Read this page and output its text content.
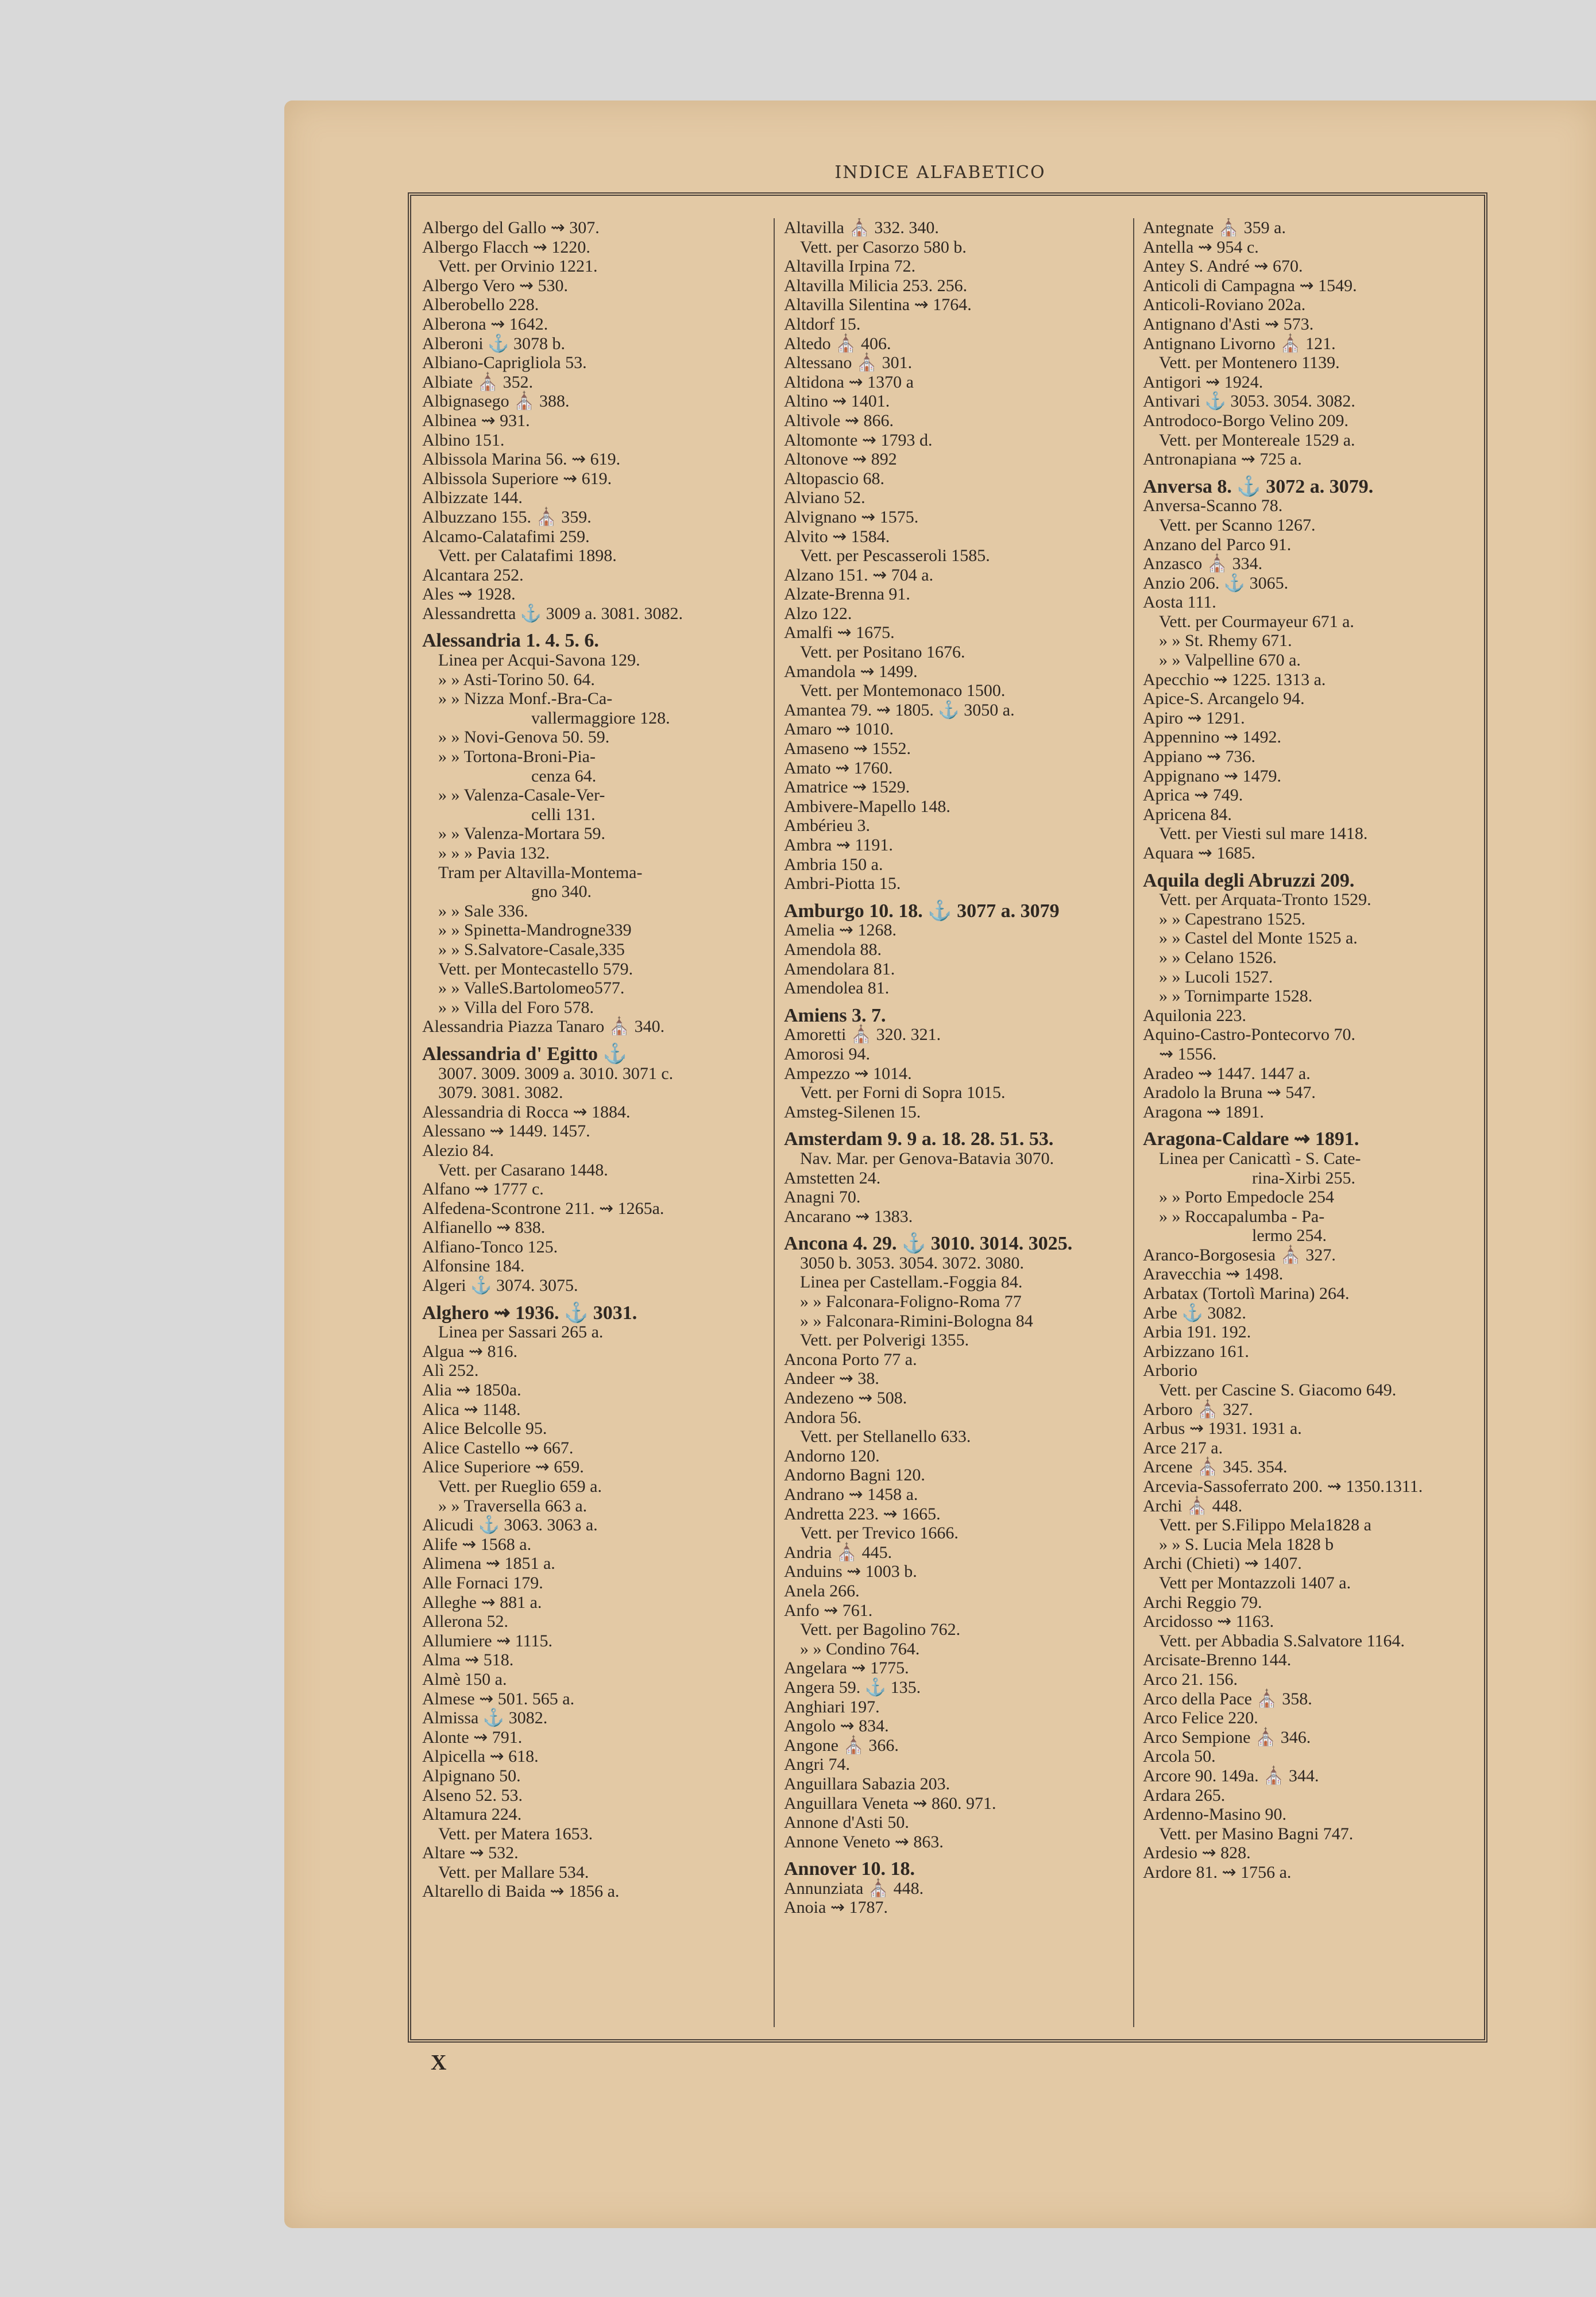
INDICE ALFABETICO
Albergo del Gallo ⇝ 307.
Albergo Flacch ⇝ 1220.
Vett. per Orvinio 1221.
Albergo Vero ⇝ 530.
Alberobello 228.
Alberona ⇝ 1642.
Alberoni ⚓ 3078 b.
Albiano-Caprigliola 53.
Albiate ⛪ 352.
Albignasego ⛪ 388.
Albinea ⇝ 931.
Albino 151.
Albissola Marina 56. ⇝ 619.
Albissola Superiore ⇝ 619.
Albizzate 144.
Albuzzano 155. ⛪ 359.
Alcamo-Calatafimi 259.
Vett. per Calatafimi 1898.
Alcantara 252.
Ales ⇝ 1928.
Alessandretta ⚓ 3009 a. 3081. 3082.
Alessandria 1. 4. 5. 6.
Linea per Acqui-Savona 129.
» » Asti-Torino 50. 64.
» » Nizza Monf.-Bra-Ca-
vallermaggiore 128.
» » Novi-Genova 50. 59.
» » Tortona-Broni-Pia-
cenza 64.
» » Valenza-Casale-Ver-
celli 131.
» » Valenza-Mortara 59.
» » » Pavia 132.
Tram per Altavilla-Montema-
gno 340.
» » Sale 336.
» » Spinetta-Mandrogne339
» » S.Salvatore-Casale,335
Vett. per Montecastello 579.
» » ValleS.Bartolomeo577.
» » Villa del Foro 578.
Alessandria Piazza Tanaro ⛪ 340.
Alessandria d' Egitto ⚓
3007. 3009. 3009 a. 3010. 3071 c.
3079. 3081. 3082.
Alessandria di Rocca ⇝ 1884.
Alessano ⇝ 1449. 1457.
Alezio 84.
Vett. per Casarano 1448.
Alfano ⇝ 1777 c.
Alfedena-Scontrone 211. ⇝ 1265a.
Alfianello ⇝ 838.
Alfiano-Tonco 125.
Alfonsine 184.
Algeri ⚓ 3074. 3075.
Alghero ⇝ 1936. ⚓ 3031.
Linea per Sassari 265 a.
Algua ⇝ 816.
Alì 252.
Alia ⇝ 1850a.
Alica ⇝ 1148.
Alice Belcolle 95.
Alice Castello ⇝ 667.
Alice Superiore ⇝ 659.
Vett. per Rueglio 659 a.
» » Traversella 663 a.
Alicudi ⚓ 3063. 3063 a.
Alife ⇝ 1568 a.
Alimena ⇝ 1851 a.
Alle Fornaci 179.
Alleghe ⇝ 881 a.
Allerona 52.
Allumiere ⇝ 1115.
Alma ⇝ 518.
Almè 150 a.
Almese ⇝ 501. 565 a.
Almissa ⚓ 3082.
Alonte ⇝ 791.
Alpicella ⇝ 618.
Alpignano 50.
Alseno 52. 53.
Altamura 224.
Vett. per Matera 1653.
Altare ⇝ 532.
Vett. per Mallare 534.
Altarello di Baida ⇝ 1856 a.
Altavilla ⛪ 332. 340.
Vett. per Casorzo 580 b.
Altavilla Irpina 72.
Altavilla Milicia 253. 256.
Altavilla Silentina ⇝ 1764.
Altdorf 15.
Altedo ⛪ 406.
Altessano ⛪ 301.
Altidona ⇝ 1370 a
Altino ⇝ 1401.
Altivole ⇝ 866.
Altomonte ⇝ 1793 d.
Altonove ⇝ 892
Altopascio 68.
Alviano 52.
Alvignano ⇝ 1575.
Alvito ⇝ 1584.
Vett. per Pescasseroli 1585.
Alzano 151. ⇝ 704 a.
Alzate-Brenna 91.
Alzo 122.
Amalfi ⇝ 1675.
Vett. per Positano 1676.
Amandola ⇝ 1499.
Vett. per Montemonaco 1500.
Amantea 79. ⇝ 1805. ⚓ 3050 a.
Amaro ⇝ 1010.
Amaseno ⇝ 1552.
Amato ⇝ 1760.
Amatrice ⇝ 1529.
Ambivere-Mapello 148.
Ambérieu 3.
Ambra ⇝ 1191.
Ambria 150 a.
Ambri-Piotta 15.
Amburgo 10. 18. ⚓ 3077 a. 3079
Amelia ⇝ 1268.
Amendola 88.
Amendolara 81.
Amendolea 81.
Amiens 3. 7.
Amoretti ⛪ 320. 321.
Amorosi 94.
Ampezzo ⇝ 1014.
Vett. per Forni di Sopra 1015.
Amsteg-Silenen 15.
Amsterdam 9. 9 a. 18. 28. 51. 53.
Nav. Mar. per Genova-Batavia 3070.
Amstetten 24.
Anagni 70.
Ancarano ⇝ 1383.
Ancona 4. 29. ⚓ 3010. 3014. 3025.
3050 b. 3053. 3054. 3072. 3080.
Linea per Castellam.-Foggia 84.
» » Falconara-Foligno-Roma 77
» » Falconara-Rimini-Bologna 84
Vett. per Polverigi 1355.
Ancona Porto 77 a.
Andeer ⇝ 38.
Andezeno ⇝ 508.
Andora 56.
Vett. per Stellanello 633.
Andorno 120.
Andorno Bagni 120.
Andrano ⇝ 1458 a.
Andretta 223. ⇝ 1665.
Vett. per Trevico 1666.
Andria ⛪ 445.
Anduins ⇝ 1003 b.
Anela 266.
Anfo ⇝ 761.
Vett. per Bagolino 762.
» » Condino 764.
Angelara ⇝ 1775.
Angera 59. ⚓ 135.
Anghiari 197.
Angolo ⇝ 834.
Angone ⛪ 366.
Angri 74.
Anguillara Sabazia 203.
Anguillara Veneta ⇝ 860. 971.
Annone d'Asti 50.
Annone Veneto ⇝ 863.
Annover 10. 18.
Annunziata ⛪ 448.
Anoia ⇝ 1787.
Antegnate ⛪ 359 a.
Antella ⇝ 954 c.
Antey S. André ⇝ 670.
Anticoli di Campagna ⇝ 1549.
Anticoli-Roviano 202a.
Antignano d'Asti ⇝ 573.
Antignano Livorno ⛪ 121.
Vett. per Montenero 1139.
Antigori ⇝ 1924.
Antivari ⚓ 3053. 3054. 3082.
Antrodoco-Borgo Velino 209.
Vett. per Montereale 1529 a.
Antronapiana ⇝ 725 a.
Anversa 8. ⚓ 3072 a. 3079.
Anversa-Scanno 78.
Vett. per Scanno 1267.
Anzano del Parco 91.
Anzasco ⛪ 334.
Anzio 206. ⚓ 3065.
Aosta 111.
Vett. per Courmayeur 671 a.
» » St. Rhemy 671.
» » Valpelline 670 a.
Apecchio ⇝ 1225. 1313 a.
Apice-S. Arcangelo 94.
Apiro ⇝ 1291.
Appennino ⇝ 1492.
Appiano ⇝ 736.
Appignano ⇝ 1479.
Aprica ⇝ 749.
Apricena 84.
Vett. per Viesti sul mare 1418.
Aquara ⇝ 1685.
Aquila degli Abruzzi 209.
Vett. per Arquata-Tronto 1529.
» » Capestrano 1525.
» » Castel del Monte 1525 a.
» » Celano 1526.
» » Lucoli 1527.
» » Tornimparte 1528.
Aquilonia 223.
Aquino-Castro-Pontecorvo 70.
⇝ 1556.
Aradeo ⇝ 1447. 1447 a.
Aradolo la Bruna ⇝ 547.
Aragona ⇝ 1891.
Aragona-Caldare ⇝ 1891.
Linea per Canicattì - S. Cate-
rina-Xirbi 255.
» » Porto Empedocle 254
» » Roccapalumba - Pa-
lermo 254.
Aranco-Borgosesia ⛪ 327.
Aravecchia ⇝ 1498.
Arbatax (Tortolì Marina) 264.
Arbe ⚓ 3082.
Arbia 191. 192.
Arbizzano 161.
Arborio
Vett. per Cascine S. Giacomo 649.
Arboro ⛪ 327.
Arbus ⇝ 1931. 1931 a.
Arce 217 a.
Arcene ⛪ 345. 354.
Arcevia-Sassoferrato 200. ⇝ 1350.1311.
Archi ⛪ 448.
Vett. per S.Filippo Mela1828 a
» » S. Lucia Mela 1828 b
Archi (Chieti) ⇝ 1407.
Vett per Montazzoli 1407 a.
Archi Reggio 79.
Arcidosso ⇝ 1163.
Vett. per Abbadia S.Salvatore 1164.
Arcisate-Brenno 144.
Arco 21. 156.
Arco della Pace ⛪ 358.
Arco Felice 220.
Arco Sempione ⛪ 346.
Arcola 50.
Arcore 90. 149a. ⛪ 344.
Ardara 265.
Ardenno-Masino 90.
Vett. per Masino Bagni 747.
Ardesio ⇝ 828.
Ardore 81. ⇝ 1756 a.
X
